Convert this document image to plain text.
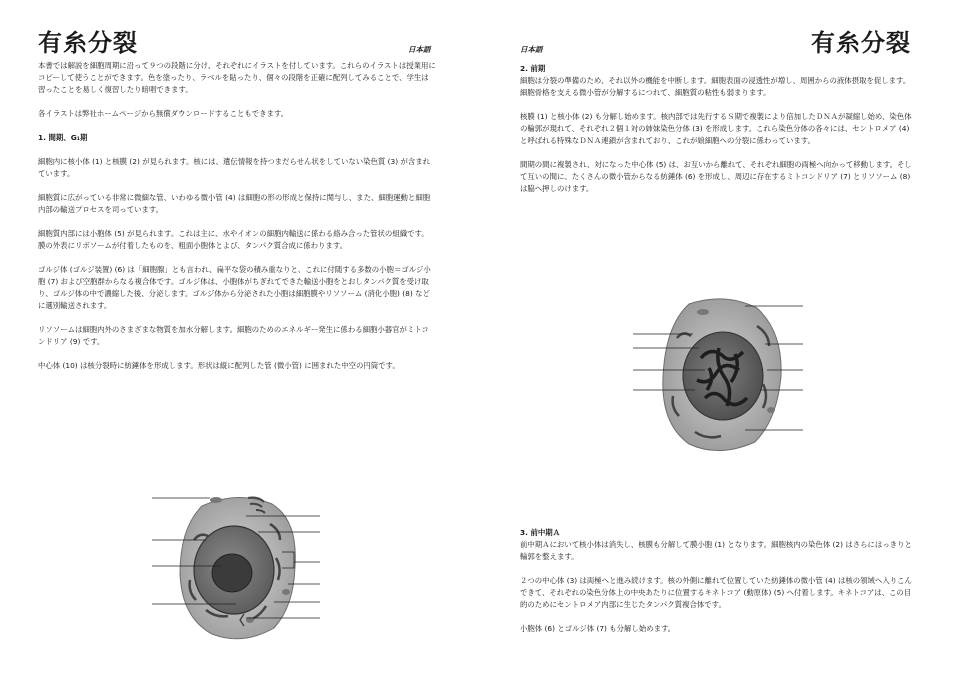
有糸分裂	日本語

本書では解説を細胞周期に沿って９つの段階に分け、それぞれにイラストを付しています。これらのイラストは授業用にコピーして使うことができます。色を塗ったり、ラベルを貼ったり、個々の段階を正確に配列してみることで、学生は習ったことを易しく復習したり暗唱できます。

各イラストは弊社ホームページから無償ダウンロードすることもできます。

1. 間期、G₁期

細胞内に核小体 (1) と核膜 (2) が見られます。核には、遺伝情報を持つまだらせん状をしていない染色質 (3) が含まれています。

細胞質に広がっている非常に微細な管、いわゆる微小管 (4) は細胞の形の形成と保持に関与し、また、細胞運動と細胞内部の輸送プロセスを司っています。

細胞質内部には小胞体 (5) が見られます。これは主に、水やイオンの細胞内輸送に係わる絡み合った管状の組織です。膜の外表にリボソームが付着したものを、粗面小胞体とよび、タンパク質合成に係わります。

ゴルジ体 (ゴルジ装置) (6) は「細胞腺」とも言われ、扁平な袋の積み重なりと、これに付随する多数の小胞＝ゴルジ小胞 (7) および空胞群からなる複合体です。ゴルジ体は、小胞体がちぎれてできた輸送小胞をとおしタンパク質を受け取り、ゴルジ体の中で濃縮した後、分泌します。ゴルジ体から分泌された小胞は細胞膜やリソソーム (消化小胞) (8) などに選別輸送されます。

リソソームは細胞内外のさまざまな物質を加水分解します。細胞のためのエネルギー発生に係わる細胞小器官がミトコンドリア (9) です。

中心体 (10) は核分裂時に紡錘体を形成します。形状は縦に配列した管 (微小管) に囲まれた中空の円筒です。

日本語	有糸分裂

2. 前期

細胞は分裂の準備のため、それ以外の機能を中断します。細胞表面の浸透性が増し、周囲からの液体摂取を促します。細胞骨格を支える微小管が分解するにつれて、細胞質の粘性も弱まります。

核膜 (1) と核小体 (2) も分解し始めます。核内部では先行するＳ期で複製により倍加したＤＮＡが凝縮し始め、染色体の輪郭が現れて、それぞれ２個１対の姉妹染色分体 (3) を形成します。これら染色分体の各々には、セントロメア (4) と呼ばれる特殊なＤＮＡ連鎖が含まれており、これが娘細胞への分裂に係わっています。

間期の間に複製され、対になった中心体 (5) は、お互いから離れて、それぞれ細胞の両極へ向かって移動します。そして互いの間に、たくさんの微小管からなる紡錘体 (6) を形成し、周辺に存在するミトコンドリア (7) とリソソーム (8) は脇へ押しのけます。

3. 前中期Ａ

前中期Ａにおいて核小体は消失し、核膜も分解して膜小胞 (1) となります。細胞核内の染色体 (2) はさらにはっきりと輪郭を整えます。

２つの中心体 (3) は両極へと進み続けます。核の外側に離れて位置していた紡錘体の微小管 (4) は核の領域へ入りこんできて、それぞれの染色分体上の中央あたりに位置するキネトコア (動原体) (5) へ付着します。キネトコアは、この目的のためにセントロメア内部に生じたタンパク質複合体です。

小胞体 (6) とゴルジ体 (7) も分解し始めます。
